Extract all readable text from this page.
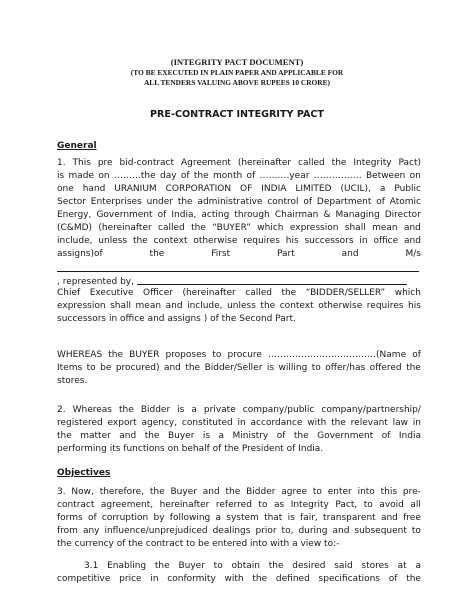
(INTEGRITY PACT DOCUMENT)
(TO BE EXECUTED IN PLAIN PAPER AND APPLICABLE FOR
ALL TENDERS VALUING ABOVE RUPEES 10 CRORE)
PRE-CONTRACT INTEGRITY PACT
General
1. This pre bid-contract Agreement (hereinafter called the Integrity Pact)
is made on ………the day of the month of ……….year ……………. Between on
one hand URANIUM CORPORATION OF INDIA LIMITED (UCIL), a Public
Sector Enterprises under the administrative control of Department of Atomic
Energy, Government of India, acting through Chairman & Managing Director
(C&MD) (hereinafter called the “BUYER” which expression shall mean and
include, unless the context otherwise requires his successors in office and
assigns)of	the	First	Part	and	M/s
, represented by,
Chief Executive Officer (hereinafter called the “BIDDER/SELLER” which
expression shall mean and include, unless the context otherwise requires his
successors in office and assigns ) of the Second Part.
WHEREAS the BUYER proposes to procure ………………………………(Name of
Items to be procured) and the Bidder/Seller is willing to offer/has offered the
stores.
2. Whereas the Bidder is a private company/public company/partnership/
registered export agency, constituted in accordance with the relevant law in
the matter and the Buyer is a Ministry of the Government of India
performing its functions on behalf of the President of India.
Objectives
3. Now, therefore, the Buyer and the Bidder agree to enter into this pre-
contract agreement, hereinafter referred to as Integrity Pact, to avoid all
forms of corruption by following a system that is fair, transparent and free
from any influence/unprejudiced dealings prior to, during and subsequent to
the currency of the contract to be entered into with a view to:-
3.1 Enabling the Buyer to obtain the desired said stores at a
competitive price in conformity with the defined specifications of the
